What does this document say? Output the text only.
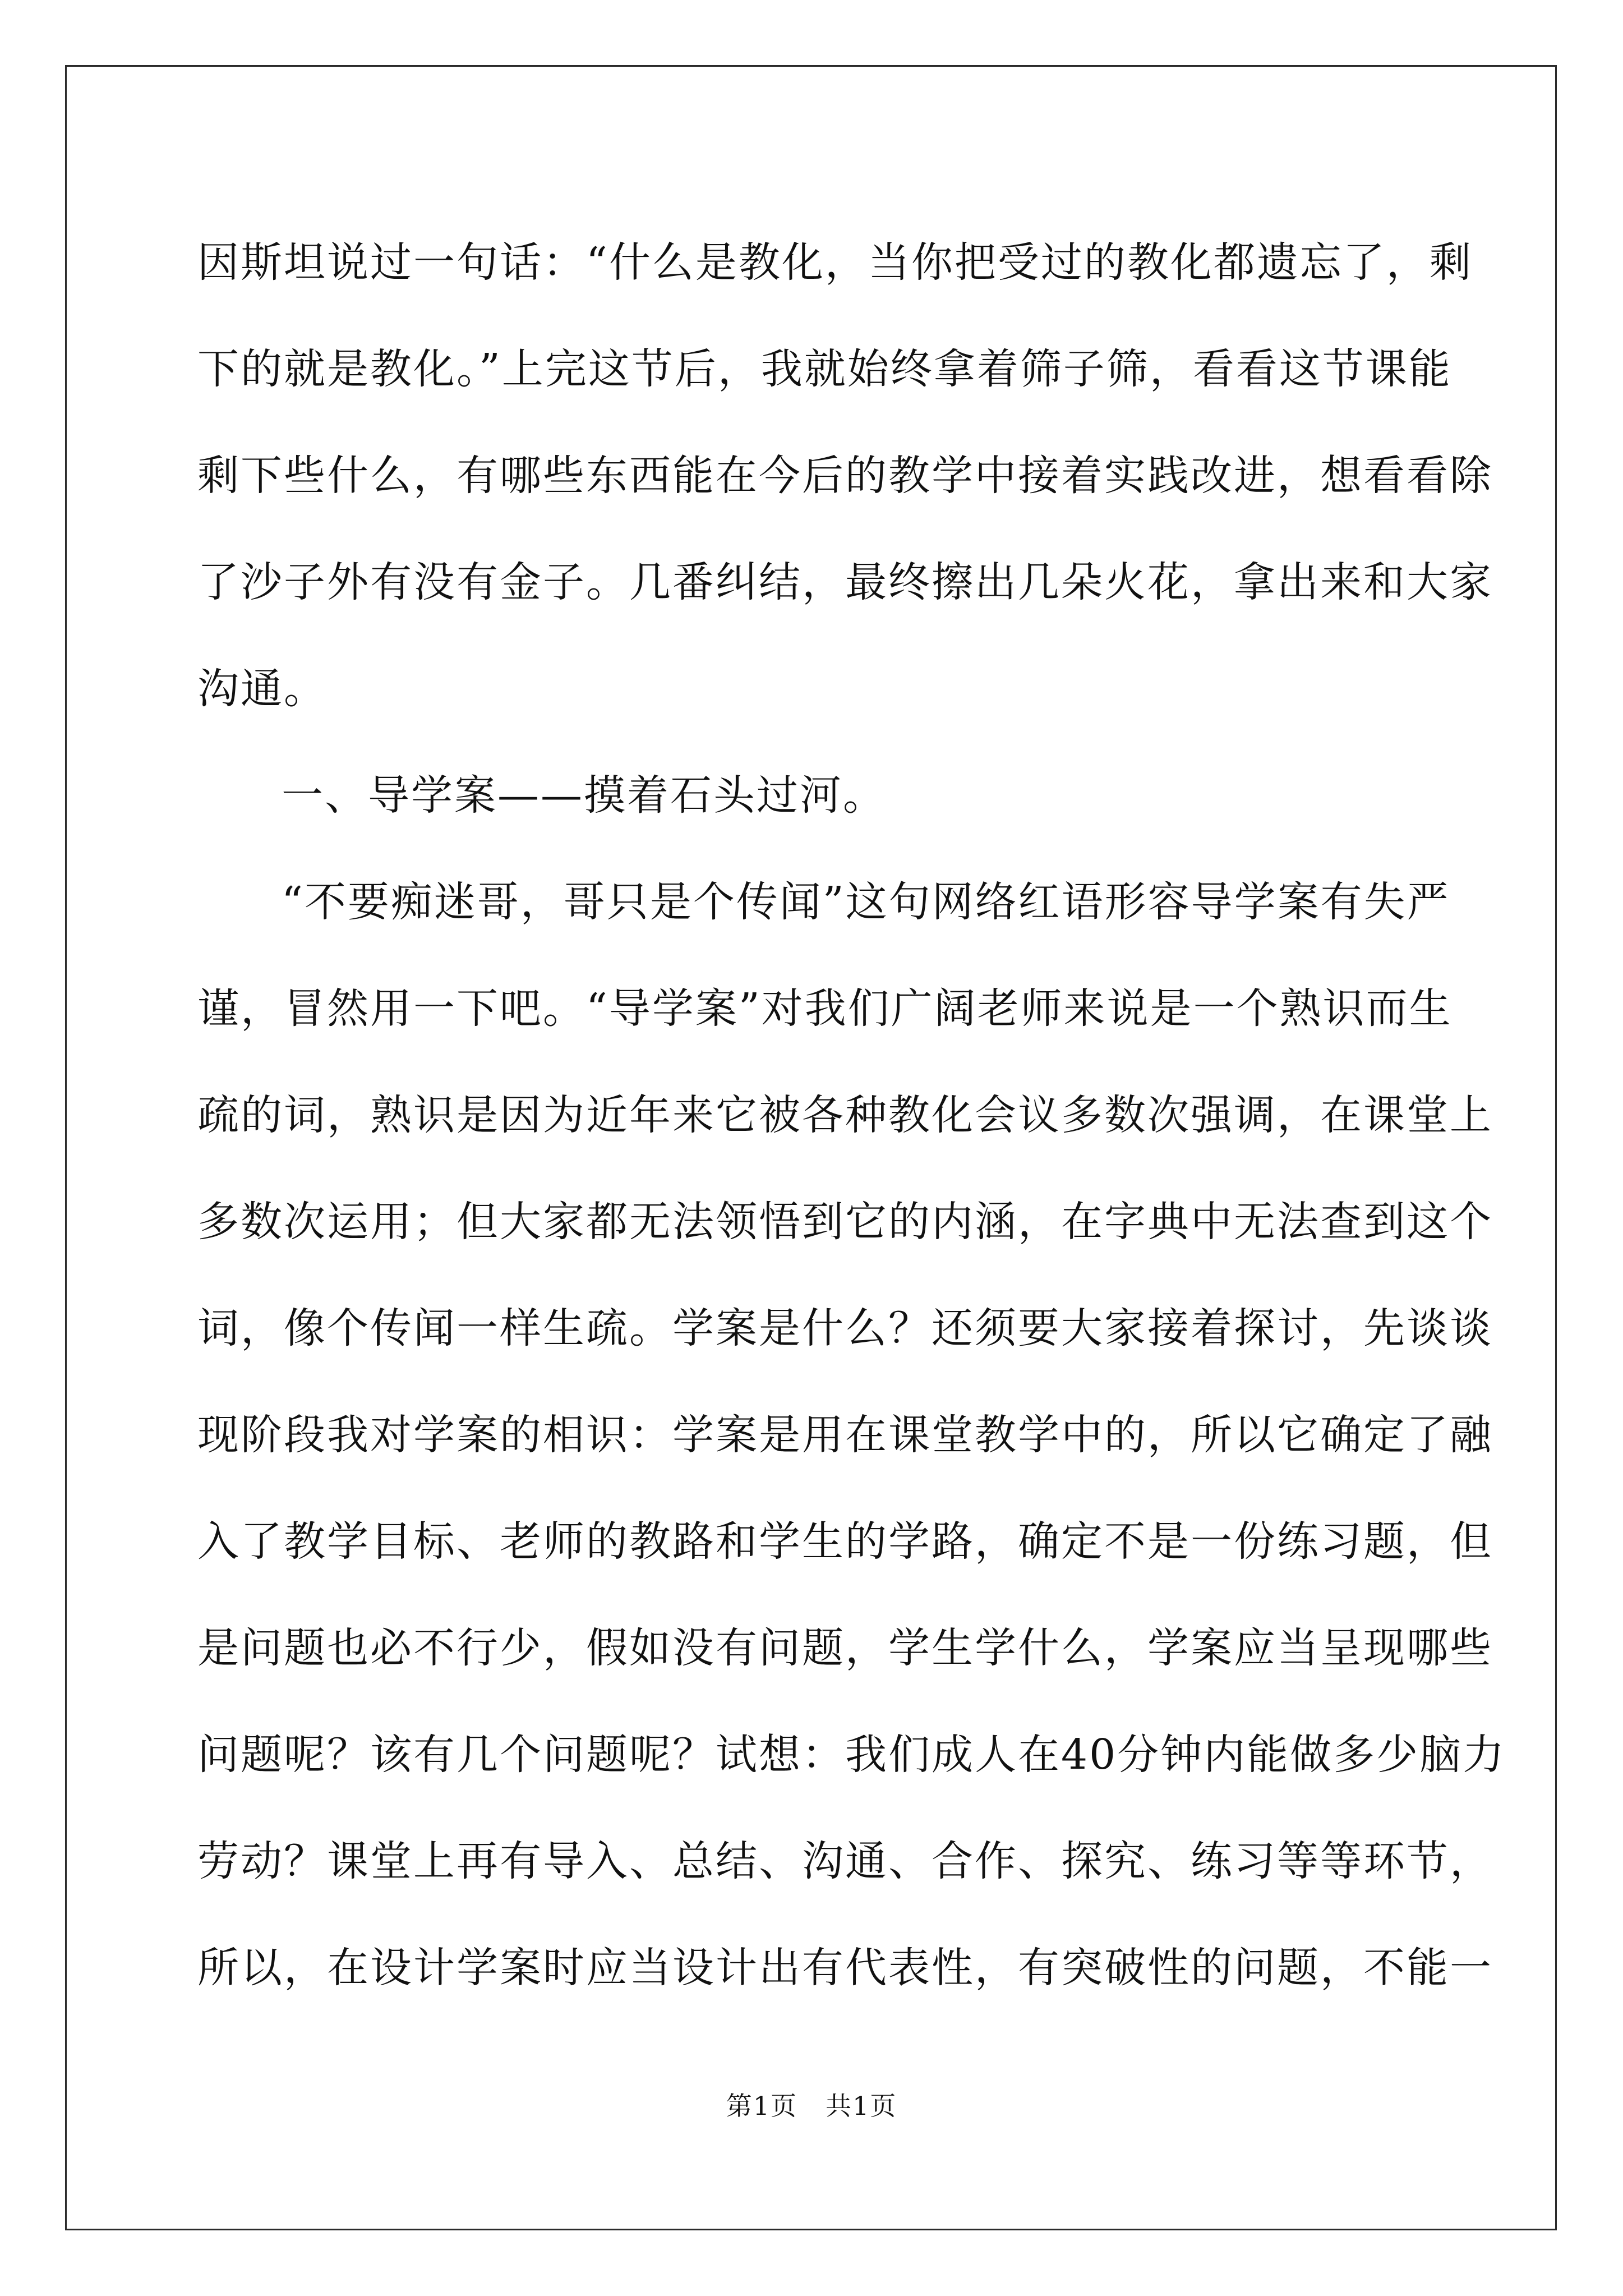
因斯坦说过一句话：“什么是教化，当你把受过的教化都遗忘了，剩
下的就是教化。”上完这节后，我就始终拿着筛子筛，看看这节课能
剩下些什么，有哪些东西能在今后的教学中接着实践改进，想看看除
了沙子外有没有金子。几番纠结，最终擦出几朵火花，拿出来和大家
沟通。
一、导学案——摸着石头过河。
“不要痴迷哥，哥只是个传闻”这句网络红语形容导学案有失严
谨，冒然用一下吧。“导学案”对我们广阔老师来说是一个熟识而生
疏的词，熟识是因为近年来它被各种教化会议多数次强调，在课堂上
多数次运用；但大家都无法领悟到它的内涵，在字典中无法查到这个
词，像个传闻一样生疏。学案是什么？还须要大家接着探讨，先谈谈
现阶段我对学案的相识：学案是用在课堂教学中的，所以它确定了融
入了教学目标、老师的教路和学生的学路，确定不是一份练习题，但
是问题也必不行少，假如没有问题，学生学什么，学案应当呈现哪些
问题呢？该有几个问题呢？试想：我们成人在40分钟内能做多少脑力
劳动？课堂上再有导入、总结、沟通、合作、探究、练习等等环节，
所以，在设计学案时应当设计出有代表性，有突破性的问题，不能一
第1页 共1页
